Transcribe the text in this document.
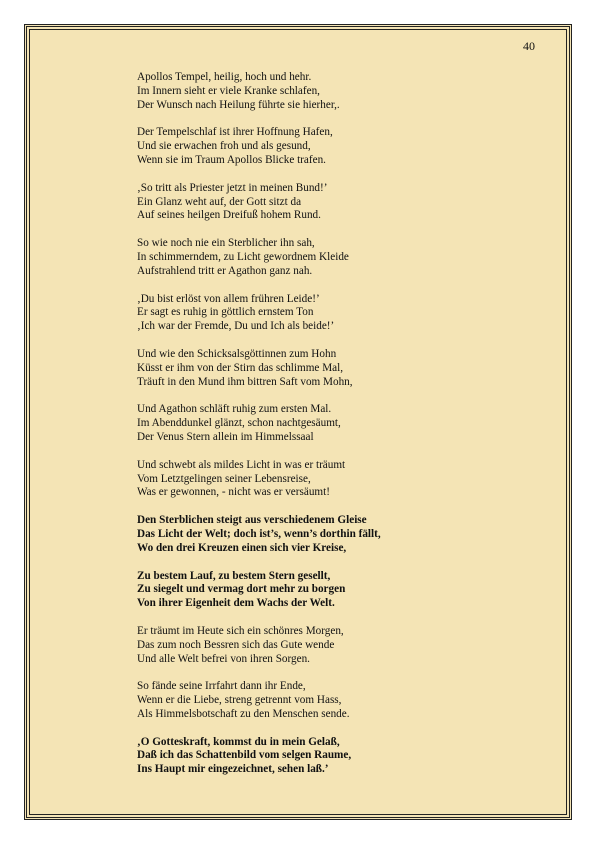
40
Apollos Tempel, heilig, hoch und hehr.
Im Innern sieht er viele Kranke schlafen,
Der Wunsch nach Heilung führte sie hierher,.
Der Tempelschlaf ist ihrer Hoffnung Hafen,
Und sie erwachen froh und als gesund,
Wenn sie im Traum Apollos Blicke trafen.
‚So tritt als Priester jetzt in meinen Bund!’
Ein Glanz weht auf, der Gott sitzt da
Auf seines heilgen Dreifuß hohem Rund.
So wie noch nie ein Sterblicher ihn sah,
In schimmerndem, zu Licht gewordnem Kleide
Aufstrahlend tritt er Agathon ganz nah.
‚Du bist erlöst von allem frühren Leide!’
Er sagt es ruhig in göttlich ernstem Ton
‚Ich war der Fremde, Du und Ich als beide!’
Und wie den Schicksalsgöttinnen zum Hohn
Küsst er ihm von der Stirn das schlimme Mal,
Träuft in den Mund ihm bittren Saft vom Mohn,
Und Agathon schläft ruhig zum ersten Mal.
Im Abenddunkel glänzt, schon nachtgesäumt,
Der Venus Stern allein im Himmelssaal
Und schwebt als mildes Licht in was er träumt
Vom Letztgelingen seiner Lebensreise,
Was er gewonnen, - nicht was er versäumt!
Den Sterblichen steigt aus verschiedenem Gleise
Das Licht der Welt; doch ist’s, wenn’s dorthin fällt,
Wo den drei Kreuzen einen sich vier Kreise,
Zu bestem Lauf, zu bestem Stern gesellt,
Zu siegelt und vermag dort mehr zu borgen
Von ihrer Eigenheit dem Wachs der Welt.
Er träumt im Heute sich ein schönres Morgen,
Das zum noch Bessren sich das Gute wende
Und alle Welt befrei von ihren Sorgen.
So fände seine Irrfahrt dann ihr Ende,
Wenn er die Liebe, streng getrennt vom Hass,
Als Himmelsbotschaft zu den Menschen sende.
‚O Gotteskraft, kommst du in mein Gelaß,
Daß ich das Schattenbild vom selgen Raume,
Ins Haupt mir eingezeichnet, sehen laß.’
